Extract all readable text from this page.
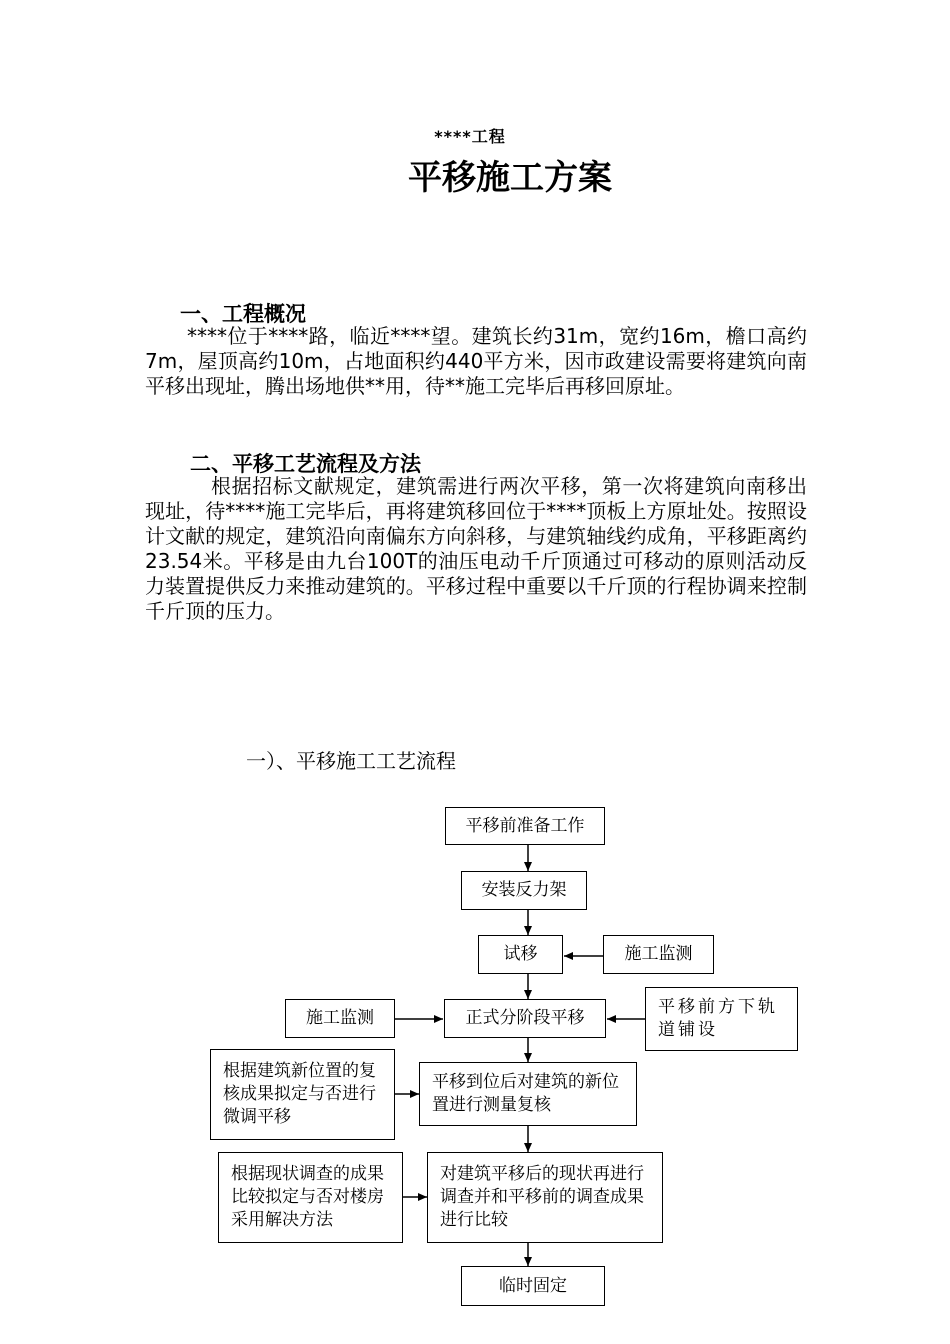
****工程
平移施工方案
一、工程概况

****位于****路，临近****望。建筑长约31m，宽约16m，檐口高约7m，屋顶高约10m，占地面积约440平方米，因市政建设需要将建筑向南平移出现址，腾出场地供**用，待**施工完毕后再移回原址。

二、平移工艺流程及方法

根据招标文献规定，建筑需进行两次平移，第一次将建筑向南移出现址，待****施工完毕后，再将建筑移回位于****顶板上方原址处。按照设计文献的规定，建筑沿向南偏东方向斜移，与建筑轴线约成角，平移距离约23.54米。平移是由九台100T的油压电动千斤顶通过可移动的原则活动反力装置提供反力来推动建筑的。平移过程中重要以千斤顶的行程协调来控制千斤顶的压力。

一）、平移施工工艺流程
平移前准备工作
安装反力架
试移
正式分阶段平移
平移到位后对建筑的新位置进行测量复核
对建筑平移后的现状再进行调查并和平移前的调查成果进行比较
临时固定
施工监测
施工监测
平移前方下轨道铺设
根据建筑新位置的复核成果拟定与否进行微调平移
根据现状调查的成果比较拟定与否对楼房采用解决方法
